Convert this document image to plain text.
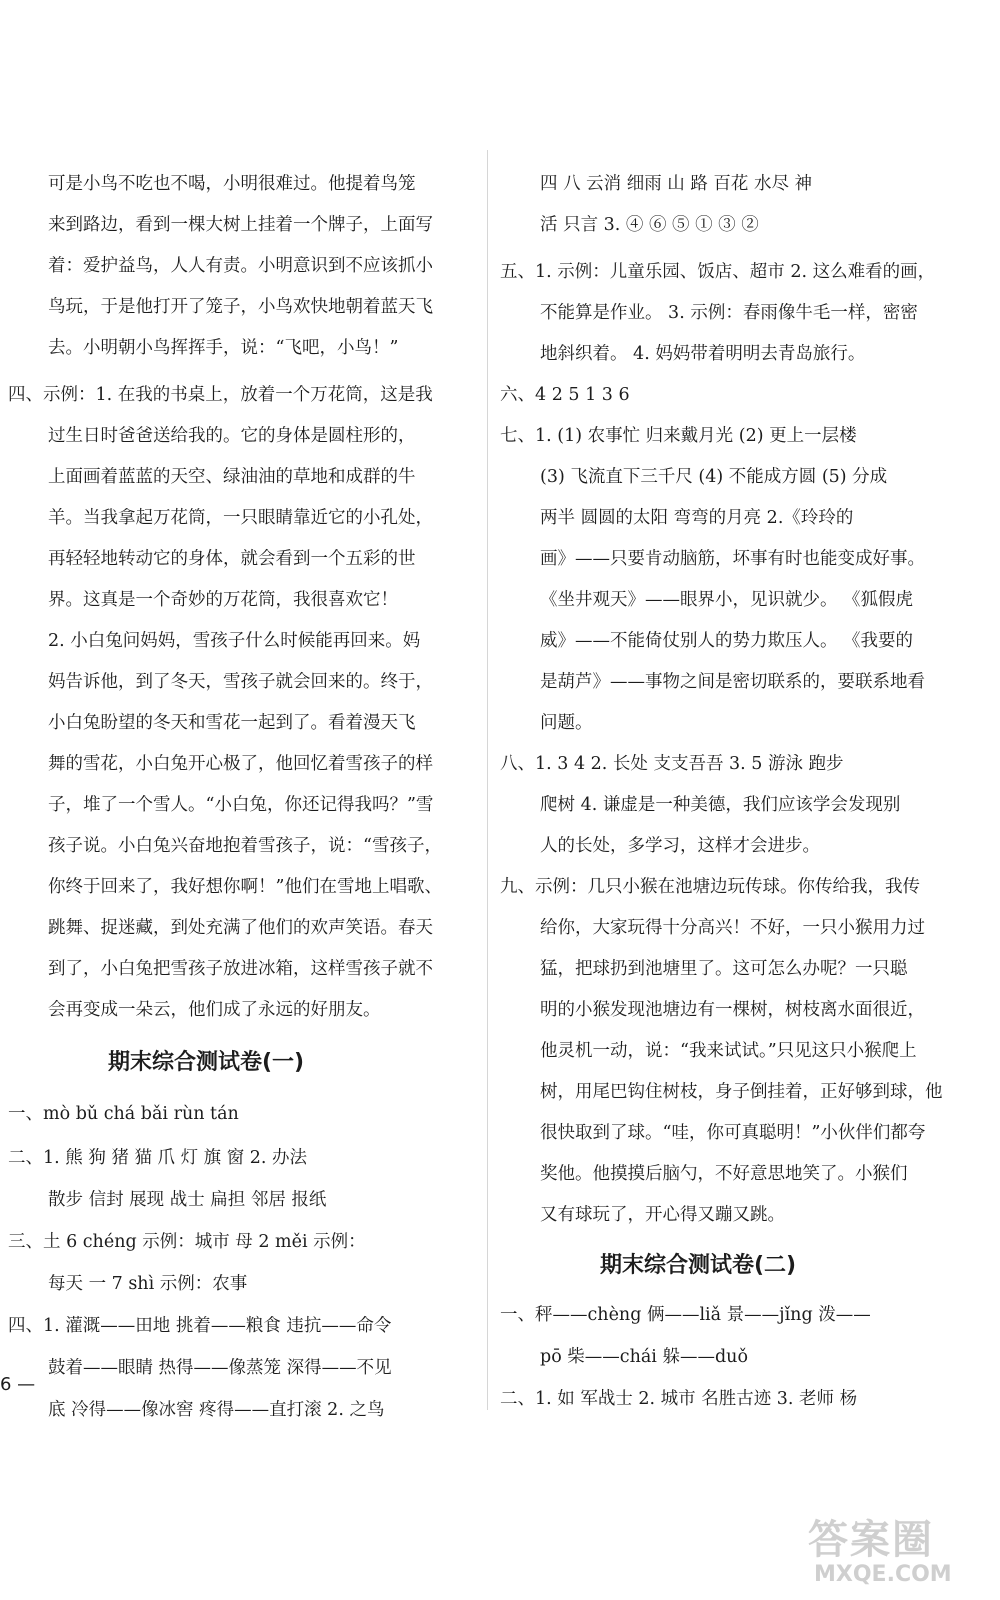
可是小鸟不吃也不喝，小明很难过。他提着鸟笼
来到路边，看到一棵大树上挂着一个牌子，上面写
着：爱护益鸟，人人有责。小明意识到不应该抓小
鸟玩，于是他打开了笼子，小鸟欢快地朝着蓝天飞
去。小明朝小鸟挥挥手，说：“飞吧，小鸟！”
四、示例：1. 在我的书桌上，放着一个万花筒，这是我
过生日时爸爸送给我的。它的身体是圆柱形的，
上面画着蓝蓝的天空、绿油油的草地和成群的牛
羊。当我拿起万花筒，一只眼睛靠近它的小孔处，
再轻轻地转动它的身体，就会看到一个五彩的世
界。这真是一个奇妙的万花筒，我很喜欢它！
2. 小白兔问妈妈，雪孩子什么时候能再回来。妈
妈告诉他，到了冬天，雪孩子就会回来的。终于，
小白兔盼望的冬天和雪花一起到了。看着漫天飞
舞的雪花，小白兔开心极了，他回忆着雪孩子的样
子，堆了一个雪人。“小白兔，你还记得我吗？”雪
孩子说。小白兔兴奋地抱着雪孩子，说：“雪孩子，
你终于回来了，我好想你啊！”他们在雪地上唱歌、
跳舞、捉迷藏，到处充满了他们的欢声笑语。春天
到了，小白兔把雪孩子放进冰箱，这样雪孩子就不
会再变成一朵云，他们成了永远的好朋友。
期末综合测试卷(一)
一、mò bǔ chá bǎi rùn tán
二、1. 熊 狗 猪 猫 爪 灯 旗 窗 2. 办法
散步 信封 展现 战士 扁担 邻居 报纸
三、土 6 chéng 示例：城市 母 2 měi 示例：
每天 一 7 shì 示例：农事
四、1. 灌溉——田地 挑着——粮食 违抗——命令
鼓着——眼睛 热得——像蒸笼 深得——不见
底 冷得——像冰窖 疼得——直打滚 2. 之鸟
6 —
四 八 云消 细雨 山 路 百花 水尽 神
活 只言 3. ④ ⑥ ⑤ ① ③ ②
五、1. 示例：儿童乐园、饭店、超市 2. 这么难看的画，
不能算是作业。 3. 示例：春雨像牛毛一样，密密
地斜织着。 4. 妈妈带着明明去青岛旅行。
六、4 2 5 1 3 6
七、1. (1) 农事忙 归来戴月光 (2) 更上一层楼
(3) 飞流直下三千尺 (4) 不能成方圆 (5) 分成
两半 圆圆的太阳 弯弯的月亮 2.《玲玲的
画》——只要肯动脑筋，坏事有时也能变成好事。
《坐井观天》——眼界小，见识就少。 《狐假虎
威》——不能倚仗别人的势力欺压人。 《我要的
是葫芦》——事物之间是密切联系的，要联系地看
问题。
八、1. 3 4 2. 长处 支支吾吾 3. 5 游泳 跑步
爬树 4. 谦虚是一种美德，我们应该学会发现别
人的长处，多学习，这样才会进步。
九、示例：几只小猴在池塘边玩传球。你传给我，我传
给你，大家玩得十分高兴！不好，一只小猴用力过
猛，把球扔到池塘里了。这可怎么办呢？一只聪
明的小猴发现池塘边有一棵树，树枝离水面很近，
他灵机一动，说：“我来试试。”只见这只小猴爬上
树，用尾巴钩住树枝，身子倒挂着，正好够到球，他
很快取到了球。“哇，你可真聪明！”小伙伴们都夸
奖他。他摸摸后脑勺，不好意思地笑了。小猴们
又有球玩了，开心得又蹦又跳。
期末综合测试卷(二)
一、秤——chèng 俩——liǎ 景——jǐng 泼——
pō 柴——chái 躲——duǒ
二、1. 如 军战士 2. 城市 名胜古迹 3. 老师 杨
答案圈
MXQE.COM
